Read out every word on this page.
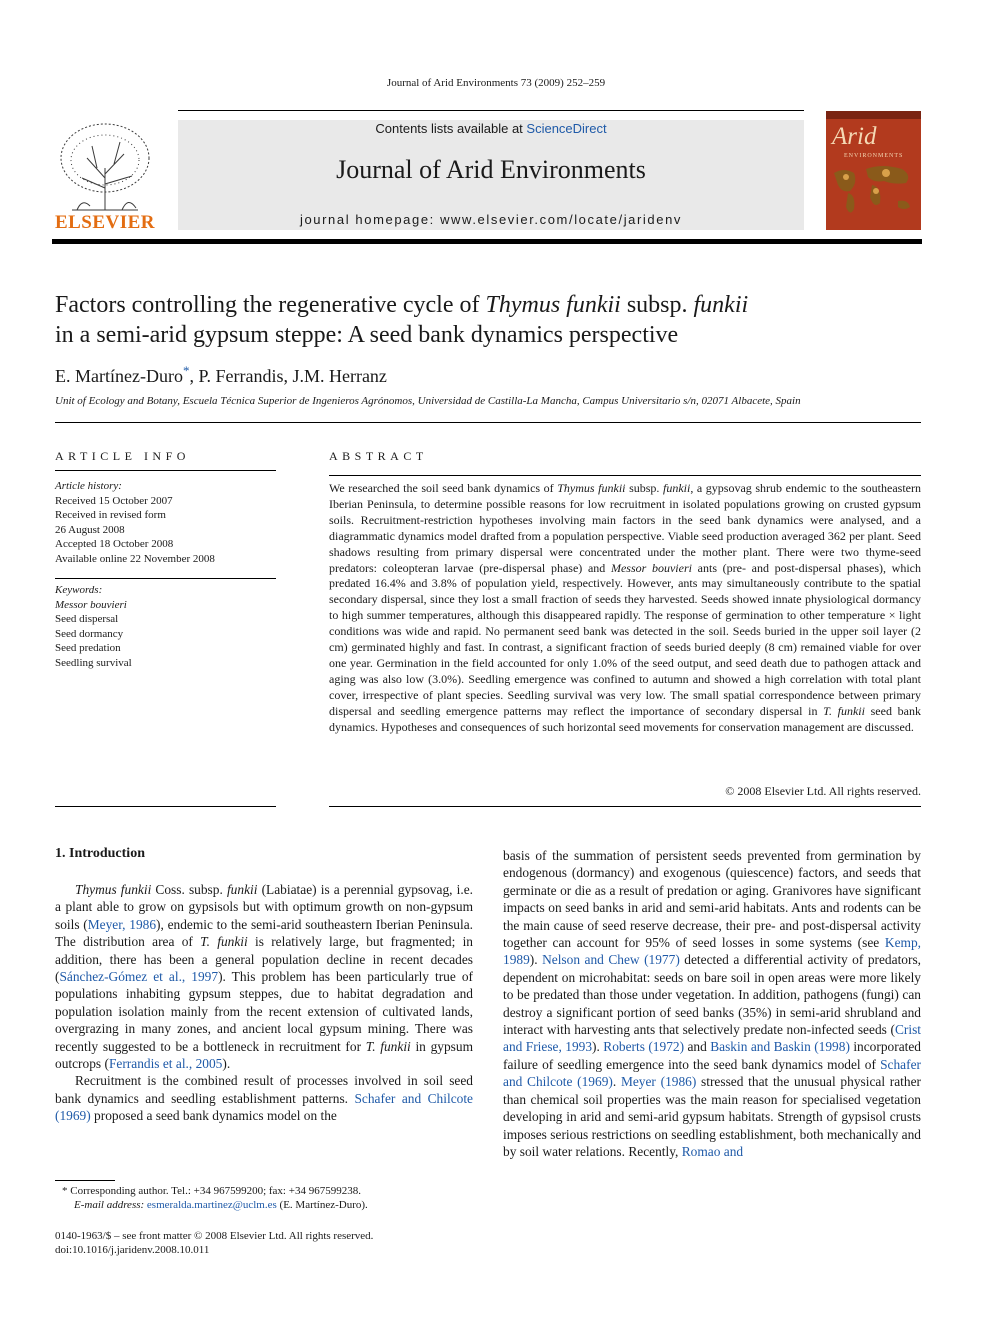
Journal of Arid Environments 73 (2009) 252–259
ELSEVIER
Contents lists available at ScienceDirect
Journal of Arid Environments
journal homepage: www.elsevier.com/locate/jaridenv
Arid
ENVIRONMENTS
Factors controlling the regenerative cycle of Thymus funkii subsp. funkii
in a semi-arid gypsum steppe: A seed bank dynamics perspective
E. Martínez-Duro*, P. Ferrandis, J.M. Herranz
Unit of Ecology and Botany, Escuela Técnica Superior de Ingenieros Agrónomos, Universidad de Castilla-La Mancha, Campus Universitario s/n, 02071 Albacete, Spain
ARTICLE INFO
Article history:
Received 15 October 2007
Received in revised form
26 August 2008
Accepted 18 October 2008
Available online 22 November 2008
Keywords:
Messor bouvieri
Seed dispersal
Seed dormancy
Seed predation
Seedling survival
ABSTRACT
We researched the soil seed bank dynamics of Thymus funkii subsp. funkii, a gypsovag shrub endemic to the southeastern Iberian Peninsula, to determine possible reasons for low recruitment in isolated populations growing on crusted gypsum soils. Recruitment-restriction hypotheses involving main factors in the seed bank dynamics were analysed, and a diagrammatic dynamics model drafted from a population perspective. Viable seed production averaged 362 per plant. Seed shadows resulting from primary dispersal were concentrated under the mother plant. There were two thyme-seed predators: coleopteran larvae (pre-dispersal phase) and Messor bouvieri ants (pre- and post-dispersal phases), which predated 16.4% and 3.8% of population yield, respectively. However, ants may simultaneously contribute to the spatial secondary dispersal, since they lost a small fraction of seeds they harvested. Seeds showed innate physiological dormancy to high summer temperatures, although this disappeared rapidly. The response of germination to other temperature × light conditions was wide and rapid. No permanent seed bank was detected in the soil. Seeds buried in the upper soil layer (2 cm) germinated highly and fast. In contrast, a significant fraction of seeds buried deeply (8 cm) remained viable for over one year. Germination in the field accounted for only 1.0% of the seed output, and seed death due to pathogen attack and aging was also low (3.0%). Seedling emergence was confined to autumn and showed a high correlation with total plant cover, irrespective of plant species. Seedling survival was very low. The small spatial correspondence between primary dispersal and seedling emergence patterns may reflect the importance of secondary dispersal in T. funkii seed bank dynamics. Hypotheses and consequences of such horizontal seed movements for conservation management are discussed.
© 2008 Elsevier Ltd. All rights reserved.
1. Introduction

Thymus funkii Coss. subsp. funkii (Labiatae) is a perennial gypsovag, i.e. a plant able to grow on gypsisols but with optimum growth on non-gypsum soils (Meyer, 1986), endemic to the semi-arid southeastern Iberian Peninsula. The distribution area of T. funkii is relatively large, but fragmented; in addition, there has been a general population decline in recent decades (Sánchez-Gómez et al., 1997). This problem has been particularly true of populations inhabiting gypsum steppes, due to habitat degradation and population isolation mainly from the recent extension of cultivated lands, overgrazing in many zones, and ancient local gypsum mining. There was recently suggested to be a bottleneck in recruitment for T. funkii in gypsum outcrops (Ferrandis et al., 2005).

Recruitment is the combined result of processes involved in soil seed bank dynamics and seedling establishment patterns. Schafer and Chilcote (1969) proposed a seed bank dynamics model on the

basis of the summation of persistent seeds prevented from germination by endogenous (dormancy) and exogenous (quiescence) factors, and seeds that germinate or die as a result of predation or aging. Granivores have significant impacts on seed banks in arid and semi-arid habitats. Ants and rodents can be the main cause of seed reserve decrease, their pre- and post-dispersal activity together can account for 95% of seed losses in some systems (see Kemp, 1989). Nelson and Chew (1977) detected a differential activity of predators, dependent on microhabitat: seeds on bare soil in open areas were more likely to be predated than those under vegetation. In addition, pathogens (fungi) can destroy a significant portion of seed banks (35%) in semi-arid shrubland and interact with harvesting ants that selectively predate non-infected seeds (Crist and Friese, 1993). Roberts (1972) and Baskin and Baskin (1998) incorporated failure of seedling emergence into the seed bank dynamics model of Schafer and Chilcote (1969). Meyer (1986) stressed that the unusual physical rather than chemical soil properties was the main reason for specialised vegetation developing in arid and semi-arid gypsum habitats. Strength of gypsisol crusts imposes serious restrictions on seedling establishment, both mechanically and by soil water relations. Recently, Romao and

* Corresponding author. Tel.: +34 967599200; fax: +34 967599238.
E-mail address: esmeralda.martinez@uclm.es (E. Martínez-Duro).
0140-1963/$ – see front matter © 2008 Elsevier Ltd. All rights reserved.
doi:10.1016/j.jaridenv.2008.10.011
